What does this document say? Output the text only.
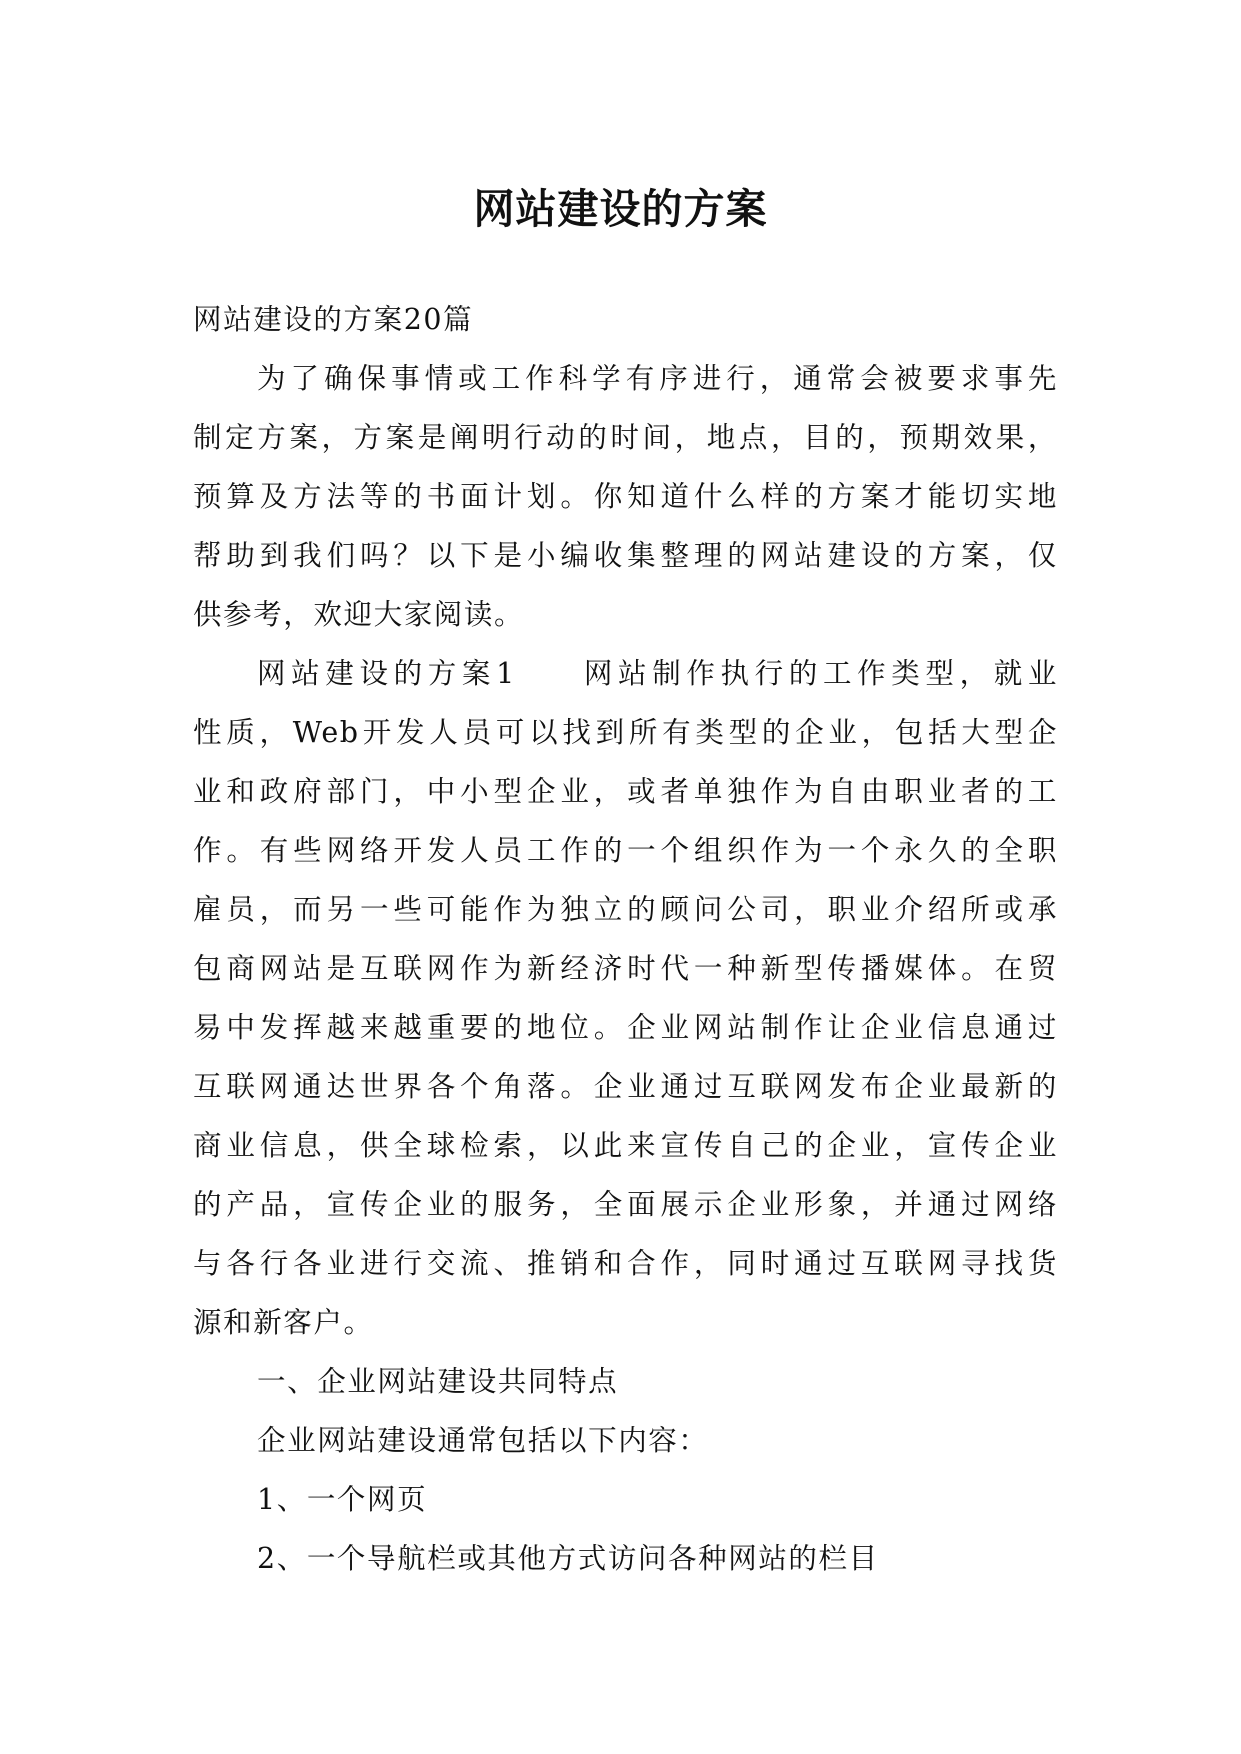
网站建设的方案

网站建设的方案20篇

为了确保事情或工作科学有序进行，通常会被要求事先

制定方案，方案是阐明行动的时间，地点，目的，预期效果，

预算及方法等的书面计划。你知道什么样的方案才能切实地

帮助到我们吗？以下是小编收集整理的网站建设的方案，仅

供参考，欢迎大家阅读。

网站建设的方案1 网站制作执行的工作类型，就业

性质，Web开发人员可以找到所有类型的企业，包括大型企

业和政府部门，中小型企业，或者单独作为自由职业者的工

作。有些网络开发人员工作的一个组织作为一个永久的全职

雇员，而另一些可能作为独立的顾问公司，职业介绍所或承

包商网站是互联网作为新经济时代一种新型传播媒体。在贸

易中发挥越来越重要的地位。企业网站制作让企业信息通过

互联网通达世界各个角落。企业通过互联网发布企业最新的

商业信息，供全球检索，以此来宣传自己的企业，宣传企业

的产品，宣传企业的服务，全面展示企业形象，并通过网络

与各行各业进行交流、推销和合作，同时通过互联网寻找货

源和新客户。

一、企业网站建设共同特点

企业网站建设通常包括以下内容：

1、一个网页

2、一个导航栏或其他方式访问各种网站的栏目
